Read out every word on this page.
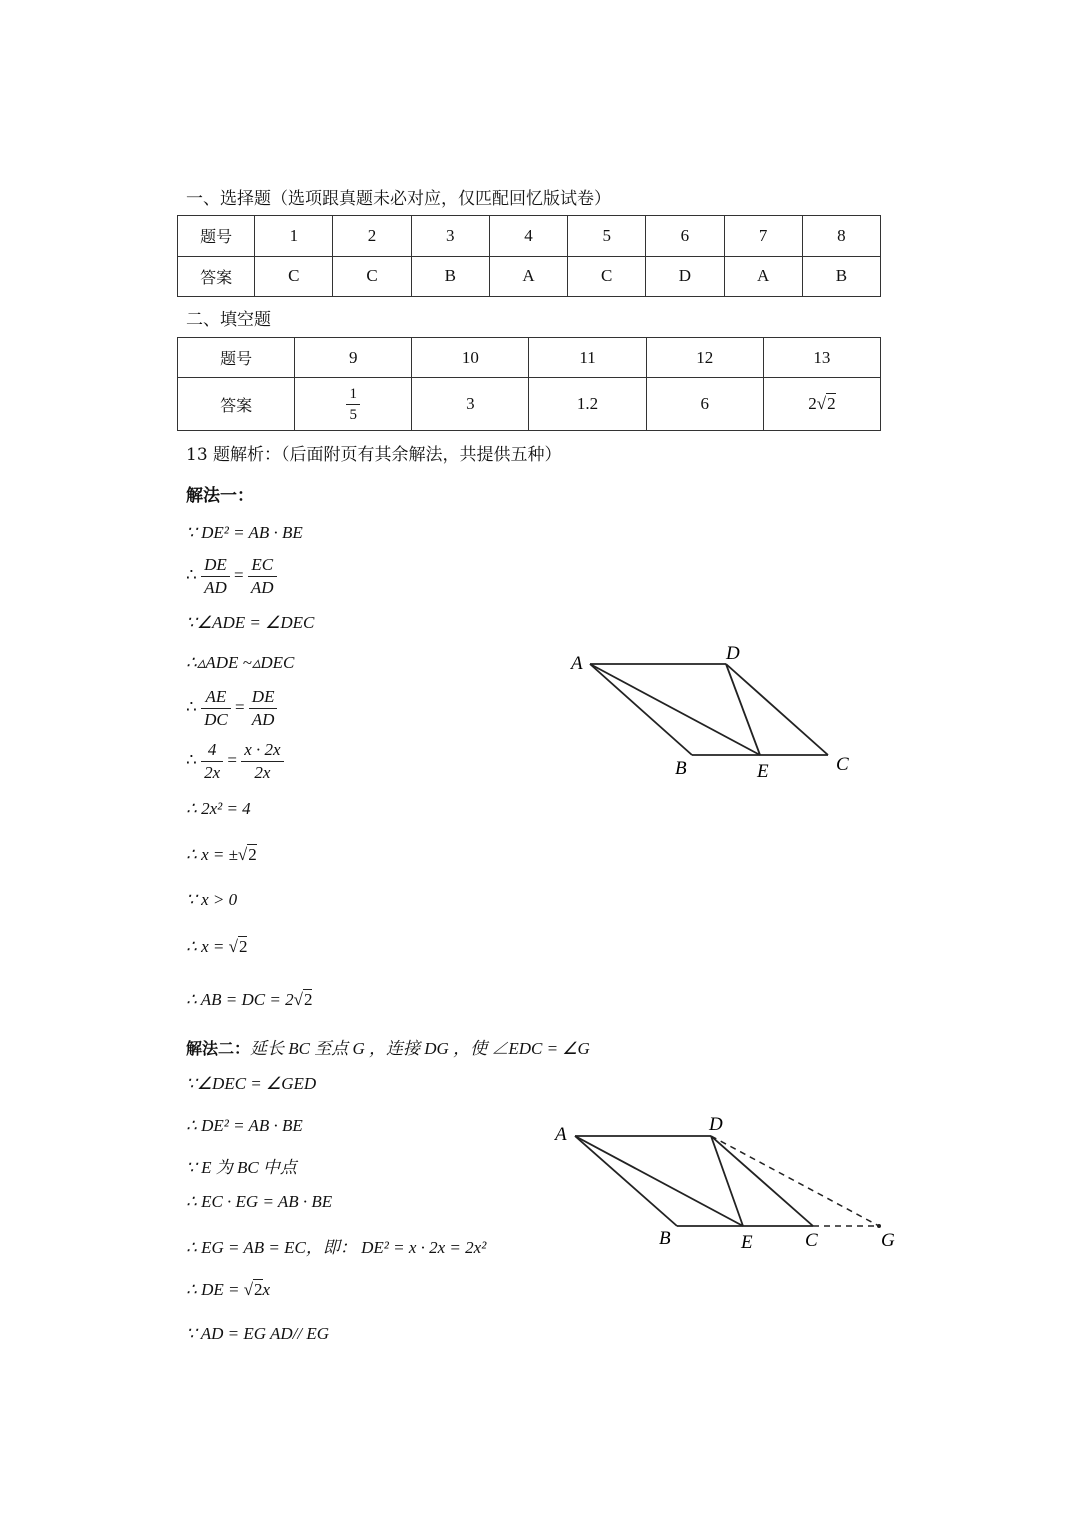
一、选择题（选项跟真题未必对应，仅匹配回忆版试卷）
题号	1	2	3	4	5	6	7	8
答案	C	C	B	A	C	D	A	B
二、填空题
题号	9	10	11	12	13
答案	$\frac{1}{5}$	3	1.2	6	2√2
13 题解析：（后面附页有其余解法，共提供五种）
解法一：
∵ DE² = AB · BE
∴ $\frac{DE}{AD} = \frac{EC}{AD}$
∵∠ADE = ∠DEC
∴▵ADE ~▵DEC
∴ $\frac{AE}{DC} = \frac{DE}{AD}$
∴ $\frac{4}{2x} = \frac{x \cdot 2x}{2x}$
∴ 2x² = 4
∴ x = ±√2
∵ x > 0
∴ x = √2
∴ AB = DC = 2√2
解法二：延长 BC 至点 G ，连接 DG ，使 ∠EDC = ∠G
∵∠DEC = ∠GED
∴ DE² = AB · BE
∵ E 为 BC 中点
∴ EC · EG = AB · BE
∴ EG = AB = EC，即： DE² = x · 2x = 2x²
∴ DE = √2x
∵ AD = EG AD// EG
A	D
B	E	C
A	D
B	E	C	G
